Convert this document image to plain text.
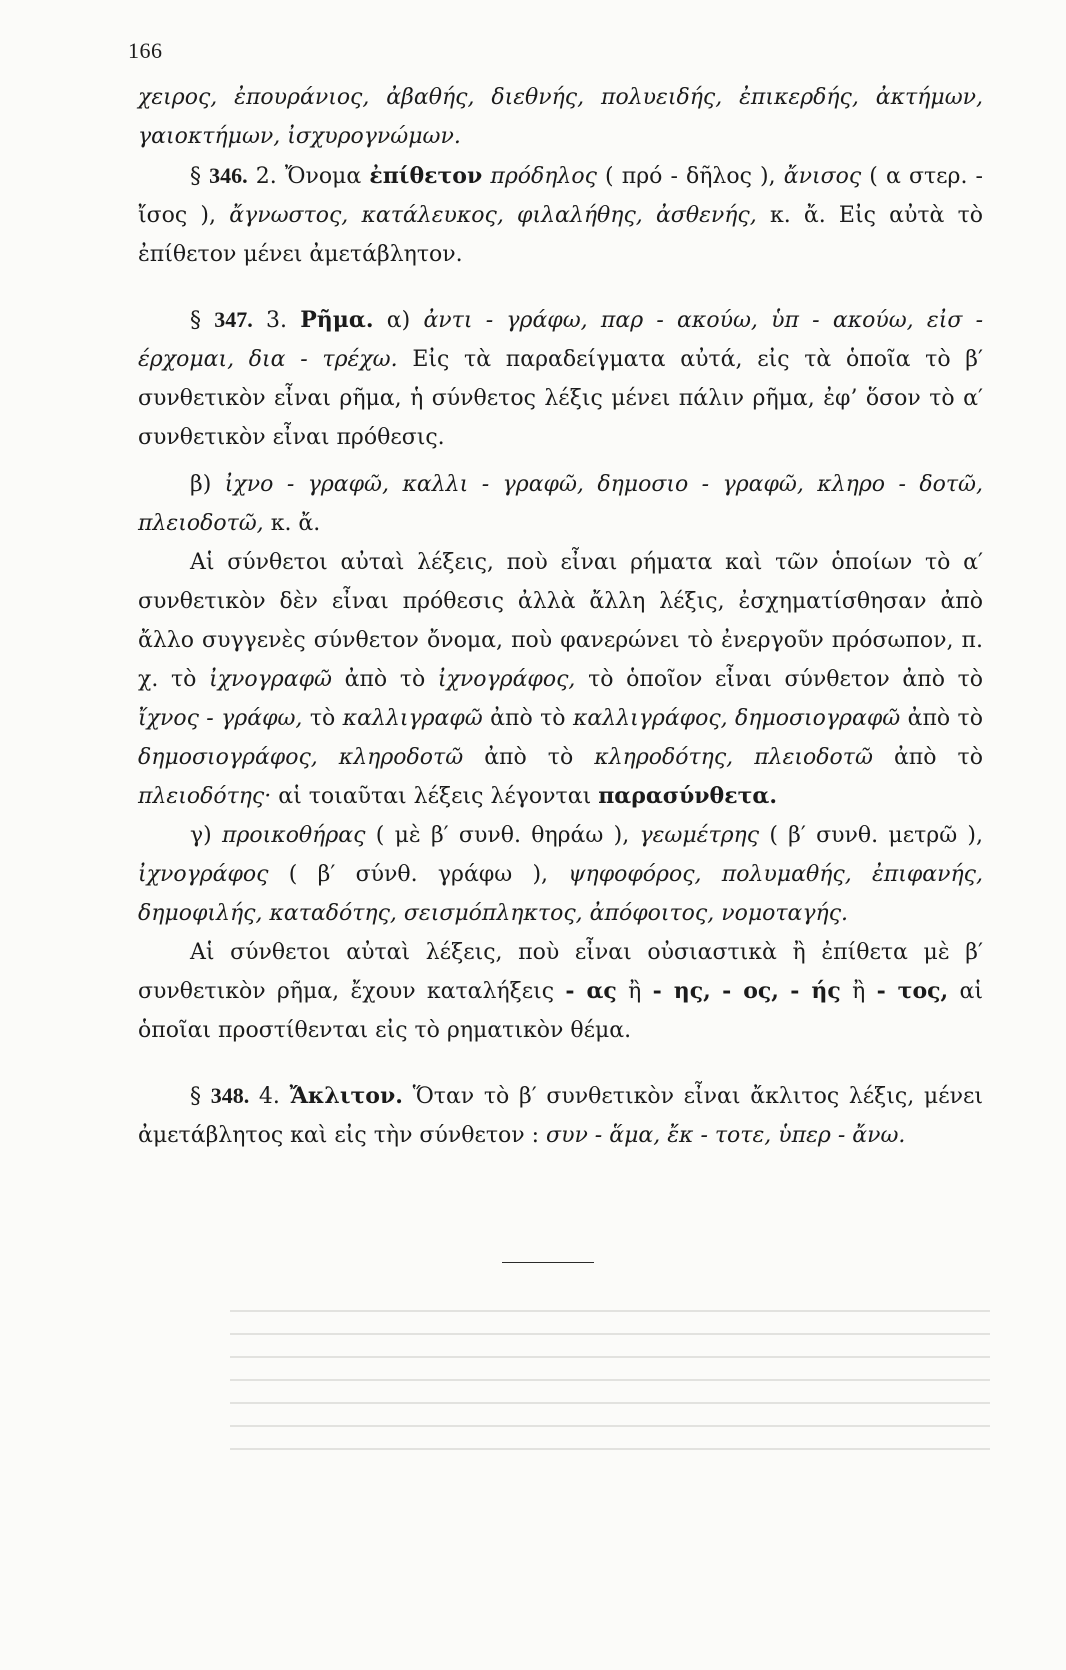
166

χειρος, ἐπουράνιος, ἀβαθής, διεθνής, πολυειδής, ἐπικερδής, ἀκτήμων, γαιοκτήμων, ἰσχυρογνώμων.

§ 346. 2. Ὄνομα ἐπίθετον πρόδηλος ( πρό - δῆλος ), ἄνισος ( α στερ. - ἴσος ), ἄγνωστος, κατάλευκος, φιλαλήθης, ἀσθενής, κ. ἄ. Εἰς αὐτὰ τὸ ἐπίθετον μένει ἀμετάβλητον.

§ 347. 3. Ρῆμα. α) ἀντι - γράφω, παρ - ακούω, ὑπ - ακούω, εἰσ - έρχομαι, δια - τρέχω. Εἰς τὰ παραδείγματα αὐτά, εἰς τὰ ὁποῖα τὸ β′ συνθετικὸν εἶναι ρῆμα, ἡ σύνθετος λέξις μένει πάλιν ρῆμα, ἐφ’ ὅσον τὸ α′ συνθετικὸν εἶναι πρόθεσις.

β) ἰχνο - γραφῶ, καλλι - γραφῶ, δημοσιο - γραφῶ, κληρο - δοτῶ, πλειοδοτῶ, κ. ἄ.

Αἱ σύνθετοι αὐταὶ λέξεις, ποὺ εἶναι ρήματα καὶ τῶν ὁποίων τὸ α′ συνθετικὸν δὲν εἶναι πρόθεσις ἀλλὰ ἄλλη λέξις, ἐσχηματίσθησαν ἀπὸ ἄλλο συγγενὲς σύνθετον ὄνομα, ποὺ φανερώνει τὸ ἐνεργοῦν πρόσωπον, π. χ. τὸ ἰχνογραφῶ ἀπὸ τὸ ἰχνογράφος, τὸ ὁποῖον εἶναι σύνθετον ἀπὸ τὸ ἴχνος - γράφω, τὸ καλλιγραφῶ ἀπὸ τὸ καλλιγράφος, δημοσιογραφῶ ἀπὸ τὸ δημοσιογράφος, κληροδοτῶ ἀπὸ τὸ κληροδότης, πλειοδοτῶ ἀπὸ τὸ πλειοδότης· αἱ τοιαῦται λέξεις λέγονται παρασύνθετα.

γ) προικοθήρας ( μὲ β′ συνθ. θηράω ), γεωμέτρης ( β′ συνθ. μετρῶ ), ἰχνογράφος ( β′ σύνθ. γράφω ), ψηφοφόρος, πολυμαθής, ἐπιφανής, δημοφιλής, καταδότης, σεισμόπληκτος, ἀπόφοιτος, νομοταγής.

Αἱ σύνθετοι αὐταὶ λέξεις, ποὺ εἶναι οὐσιαστικὰ ἢ ἐπίθετα μὲ β′ συνθετικὸν ρῆμα, ἔχουν καταλήξεις - ας ἢ - ης, - ος, - ής ἢ - τος, αἱ ὁποῖαι προστίθενται εἰς τὸ ρηματικὸν θέμα.

§ 348. 4. Ἄκλιτον. Ὅταν τὸ β′ συνθετικὸν εἶναι ἄκλιτος λέξις, μένει ἀμετάβλητος καὶ εἰς τὴν σύνθετον : συν - ἅμα, ἔκ - τοτε, ὑπερ - ἄνω.
